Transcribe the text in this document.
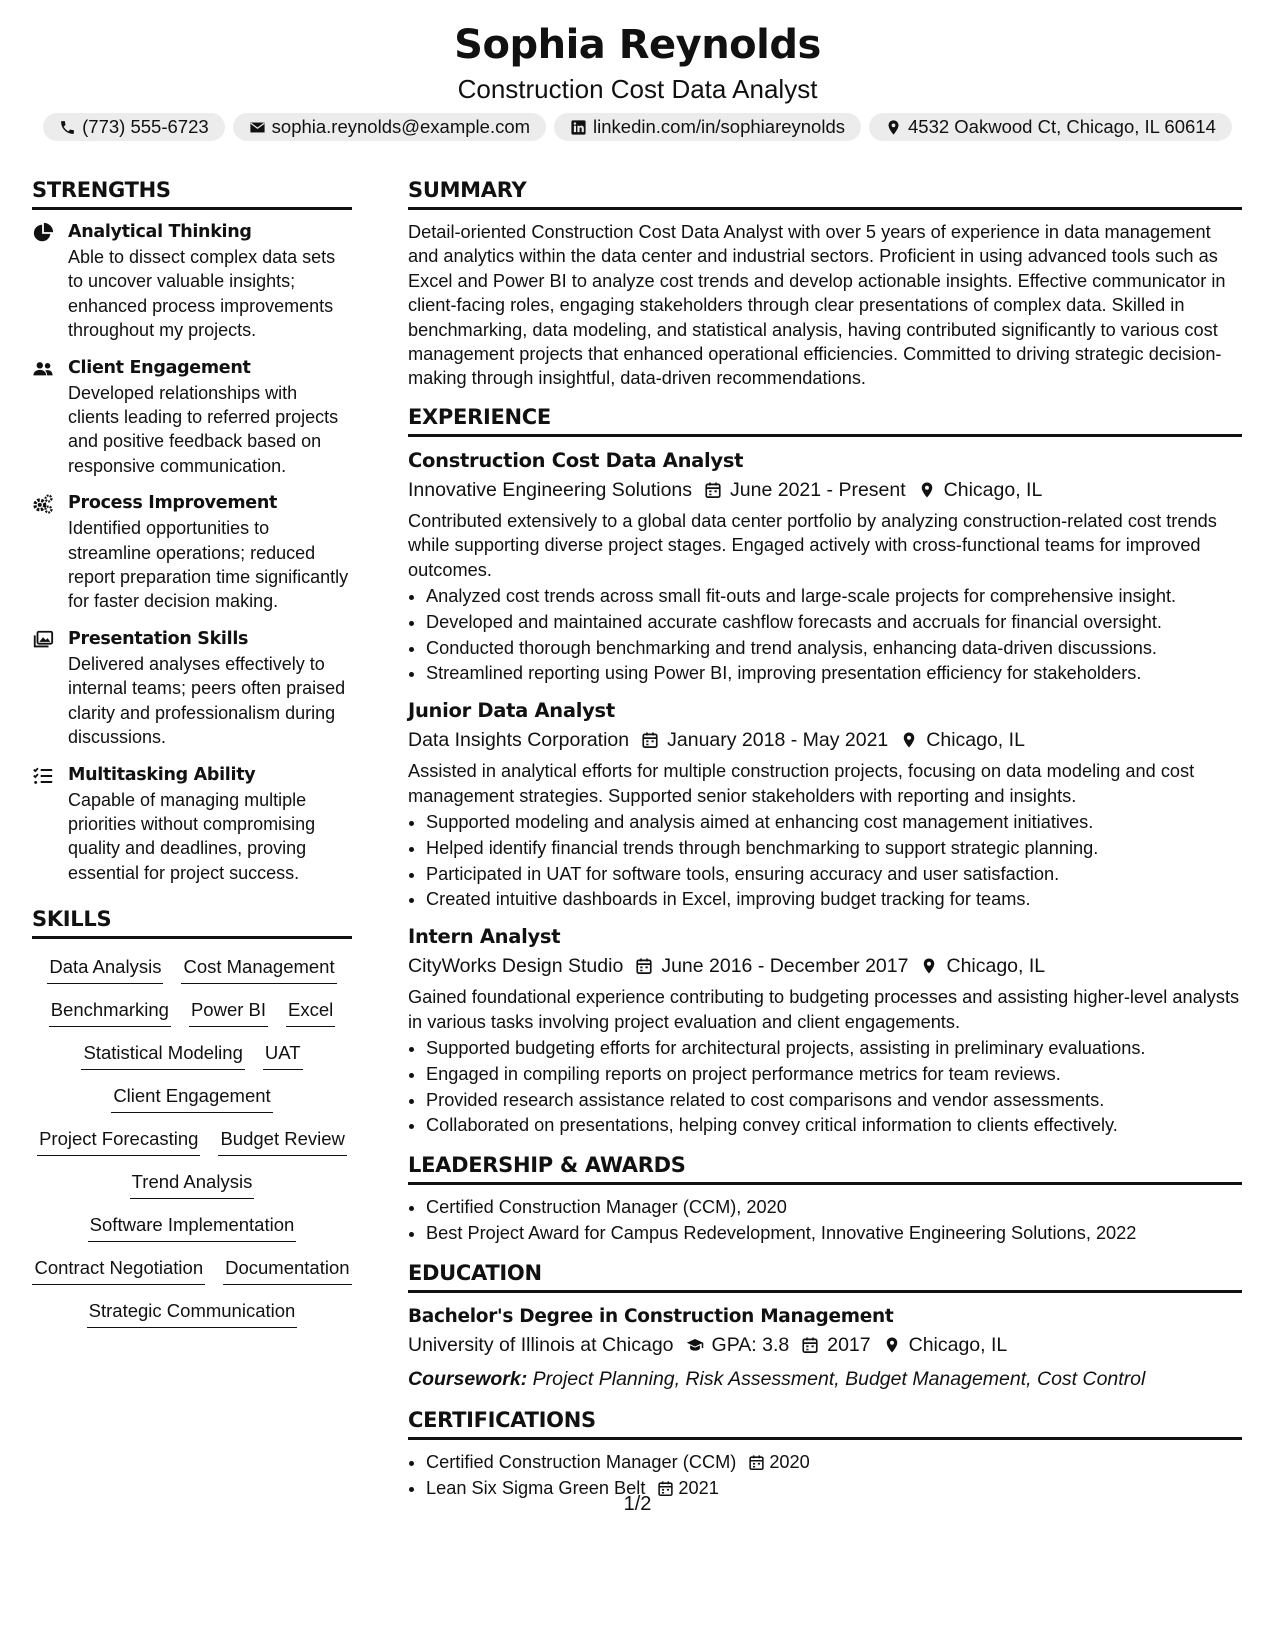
Sophia Reynolds
Construction Cost Data Analyst
(773) 555-6723	sophia.reynolds@example.com	linkedin.com/in/sophiareynolds	4532 Oakwood Ct, Chicago, IL 60614
STRENGTHS
Analytical Thinking
Able to dissect complex data sets to uncover valuable insights; enhanced process improvements throughout my projects.
Client Engagement
Developed relationships with clients leading to referred projects and positive feedback based on responsive communication.
Process Improvement
Identified opportunities to streamline operations; reduced report preparation time significantly for faster decision making.
Presentation Skills
Delivered analyses effectively to internal teams; peers often praised clarity and professionalism during discussions.
Multitasking Ability
Capable of managing multiple priorities without compromising quality and deadlines, proving essential for project success.
SKILLS
Data Analysis Cost Management
Benchmarking Power BI Excel
Statistical Modeling UAT
Client Engagement
Project Forecasting Budget Review
Trend Analysis
Software Implementation
Contract Negotiation Documentation
Strategic Communication
SUMMARY

Detail-oriented Construction Cost Data Analyst with over 5 years of experience in data management and analytics within the data center and industrial sectors. Proficient in using advanced tools such as Excel and Power BI to analyze cost trends and develop actionable insights. Effective communicator in client-facing roles, engaging stakeholders through clear presentations of complex data. Skilled in benchmarking, data modeling, and statistical analysis, having contributed significantly to various cost management projects that enhanced operational efficiencies. Committed to driving strategic decision-making through insightful, data-driven recommendations.

EXPERIENCE
Construction Cost Data Analyst
Innovative Engineering Solutions June 2021 - Present Chicago, IL

Contributed extensively to a global data center portfolio by analyzing construction-related cost trends while supporting diverse project stages. Engaged actively with cross-functional teams for improved outcomes.

• Analyzed cost trends across small fit-outs and large-scale projects for comprehensive insight.
• Developed and maintained accurate cashflow forecasts and accruals for financial oversight.
• Conducted thorough benchmarking and trend analysis, enhancing data-driven discussions.
• Streamlined reporting using Power BI, improving presentation efficiency for stakeholders.
Junior Data Analyst
Data Insights Corporation January 2018 - May 2021 Chicago, IL

Assisted in analytical efforts for multiple construction projects, focusing on data modeling and cost management strategies. Supported senior stakeholders with reporting and insights.

• Supported modeling and analysis aimed at enhancing cost management initiatives.
• Helped identify financial trends through benchmarking to support strategic planning.
• Participated in UAT for software tools, ensuring accuracy and user satisfaction.
• Created intuitive dashboards in Excel, improving budget tracking for teams.
Intern Analyst
CityWorks Design Studio June 2016 - December 2017 Chicago, IL

Gained foundational experience contributing to budgeting processes and assisting higher-level analysts in various tasks involving project evaluation and client engagements.

• Supported budgeting efforts for architectural projects, assisting in preliminary evaluations.
• Engaged in compiling reports on project performance metrics for team reviews.
• Provided research assistance related to cost comparisons and vendor assessments.
• Collaborated on presentations, helping convey critical information to clients effectively.
LEADERSHIP & AWARDS
• Certified Construction Manager (CCM), 2020
• Best Project Award for Campus Redevelopment, Innovative Engineering Solutions, 2022
EDUCATION
Bachelor's Degree in Construction Management
University of Illinois at Chicago GPA: 3.8 2017 Chicago, IL
Coursework: Project Planning, Risk Assessment, Budget Management, Cost Control
CERTIFICATIONS
• Certified Construction Manager (CCM) 2020
• Lean Six Sigma Green Belt 2021
1/2
